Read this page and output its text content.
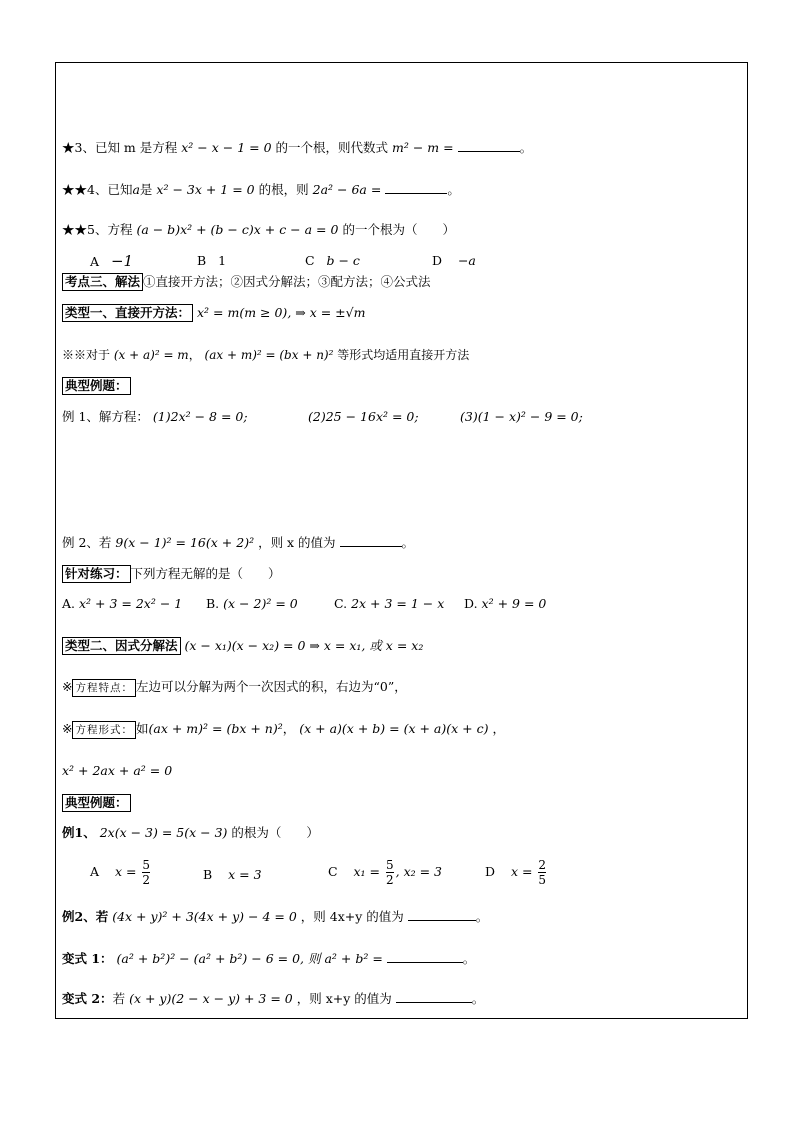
★3、已知 m 是方程 x² − x − 1 = 0 的一个根，则代数式 m² − m =	。
★★4、已知a是 x² − 3x + 1 = 0 的根，则 2a² − 6a =	。
★★5、方程 (a − b)x² + (b − c)x + c − a = 0 的一个根为（　　）
A −1	B 1	C b − c	D −a
考点三、解法 ①直接开方法；②因式分解法；③配方法；④公式法
类型一、直接开方法： x² = m(m ≥ 0), ⇒ x = ±√m
※※对于 (x + a)² = m， (ax + m)² = (bx + n)² 等形式均适用直接开方法
典型例题：
例 1、解方程： (1)2x² − 8 = 0;	(2)25 − 16x² = 0;	(3)(1 − x)² − 9 = 0;
例 2、若 9(x − 1)² = 16(x + 2)² ，则 x 的值为	。
针对练习： 下列方程无解的是（　　）
A. x² + 3 = 2x² − 1 B. (x − 2)² = 0	C. 2x + 3 = 1 − x D. x² + 9 = 0
类型二、因式分解法 (x − x₁)(x − x₂) = 0 ⇒ x = x₁, 或 x = x₂
※ 方程特点： 左边可以分解为两个一次因式的积，右边为“0”，
※ 方程形式： 如(ax + m)² = (bx + n)²， (x + a)(x + b) = (x + a)(x + c) ，
x² + 2ax + a² = 0
典型例题：
例1、 2x(x − 3) = 5(x − 3) 的根为（　　）
A $x = \frac{5}{2}$	B x = 3	C $x_1 = \frac{5}{2}$ , x₂ = 3	D $x = \frac{2}{5}$
例2、若 (4x + y)² + 3(4x + y) − 4 = 0 ，则 4x+y 的值为	。
变式 1： (a² + b²)² − (a² + b²) − 6 = 0, 则 a² + b² =	。
变式 2：若 (x + y)(2 − x − y) + 3 = 0 ，则 x+y 的值为	。
